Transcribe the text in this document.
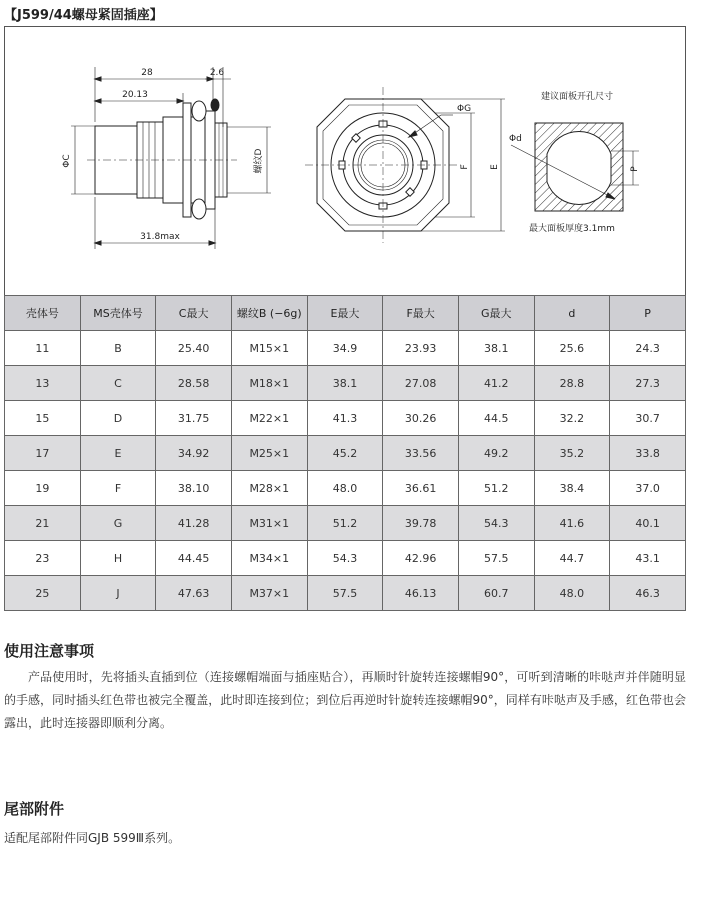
【J599/44螺母紧固插座】
28	2.6
20.13
31.8max
ΦC	螺纹D
ΦG
F E
建议面板开孔尺寸
Φd
P
最大面板厚度3.1mm
壳体号	MS壳体号	C最大	螺纹B (−6g)	E最大	F最大	G最大	d	P
11	B	25.40	M15×1	34.9	23.93	38.1	25.6	24.3
13	C	28.58	M18×1	38.1	27.08	41.2	28.8	27.3
15	D	31.75	M22×1	41.3	30.26	44.5	32.2	30.7
17	E	34.92	M25×1	45.2	33.56	49.2	35.2	33.8
19	F	38.10	M28×1	48.0	36.61	51.2	38.4	37.0
21	G	41.28	M31×1	51.2	39.78	54.3	41.6	40.1
23	H	44.45	M34×1	54.3	42.96	57.5	44.7	43.1
25	J	47.63	M37×1	57.5	46.13	60.7	48.0	46.3
使用注意事项
产品使用时，先将插头直插到位（连接螺帽端面与插座贴合），再顺时针旋转连接螺帽90°，可听到清晰的咔哒声并伴随明显的手感，同时插头红色带也被完全覆盖，此时即连接到位；到位后再逆时针旋转连接螺帽90°，同样有咔哒声及手感，红色带也会露出，此时连接器即顺利分离。
尾部附件
适配尾部附件同GJB 599Ⅲ系列。
